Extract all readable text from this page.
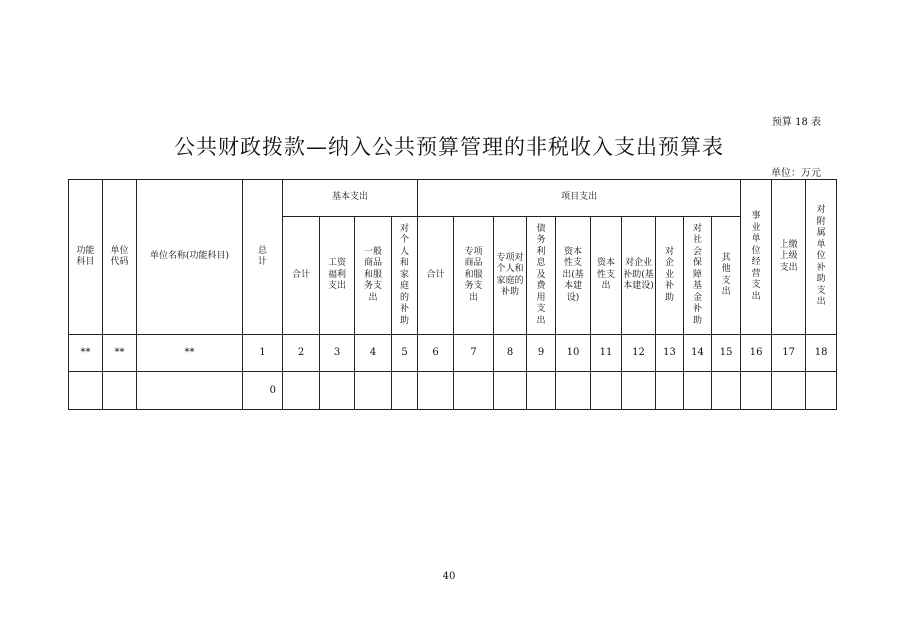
预算 18 表
公共财政拨款—纳入公共预算管理的非税收入支出预算表
单位：万元
功能科目	单位代码	单位名称(功能科目)	总计	基本支出				项目支出										事业单位经营支出	上缴上级支出	对附属单位补助支出

				合计	工资福利支出	一般商品和服务支出	对个人和家庭的补助	合计	专项商品和服务支出	专项对个人和家庭的补助	债务利息及费用支出	资本性支出(基本建设)	资本性支出	对企业补助(基本建设)	对企业补助	对社会保障基金补助	其他支出			

**	**	**	1	2	3	4	5	6	7	8	9	10	11	12	13	14	15	16	17	18
			0																	
40
